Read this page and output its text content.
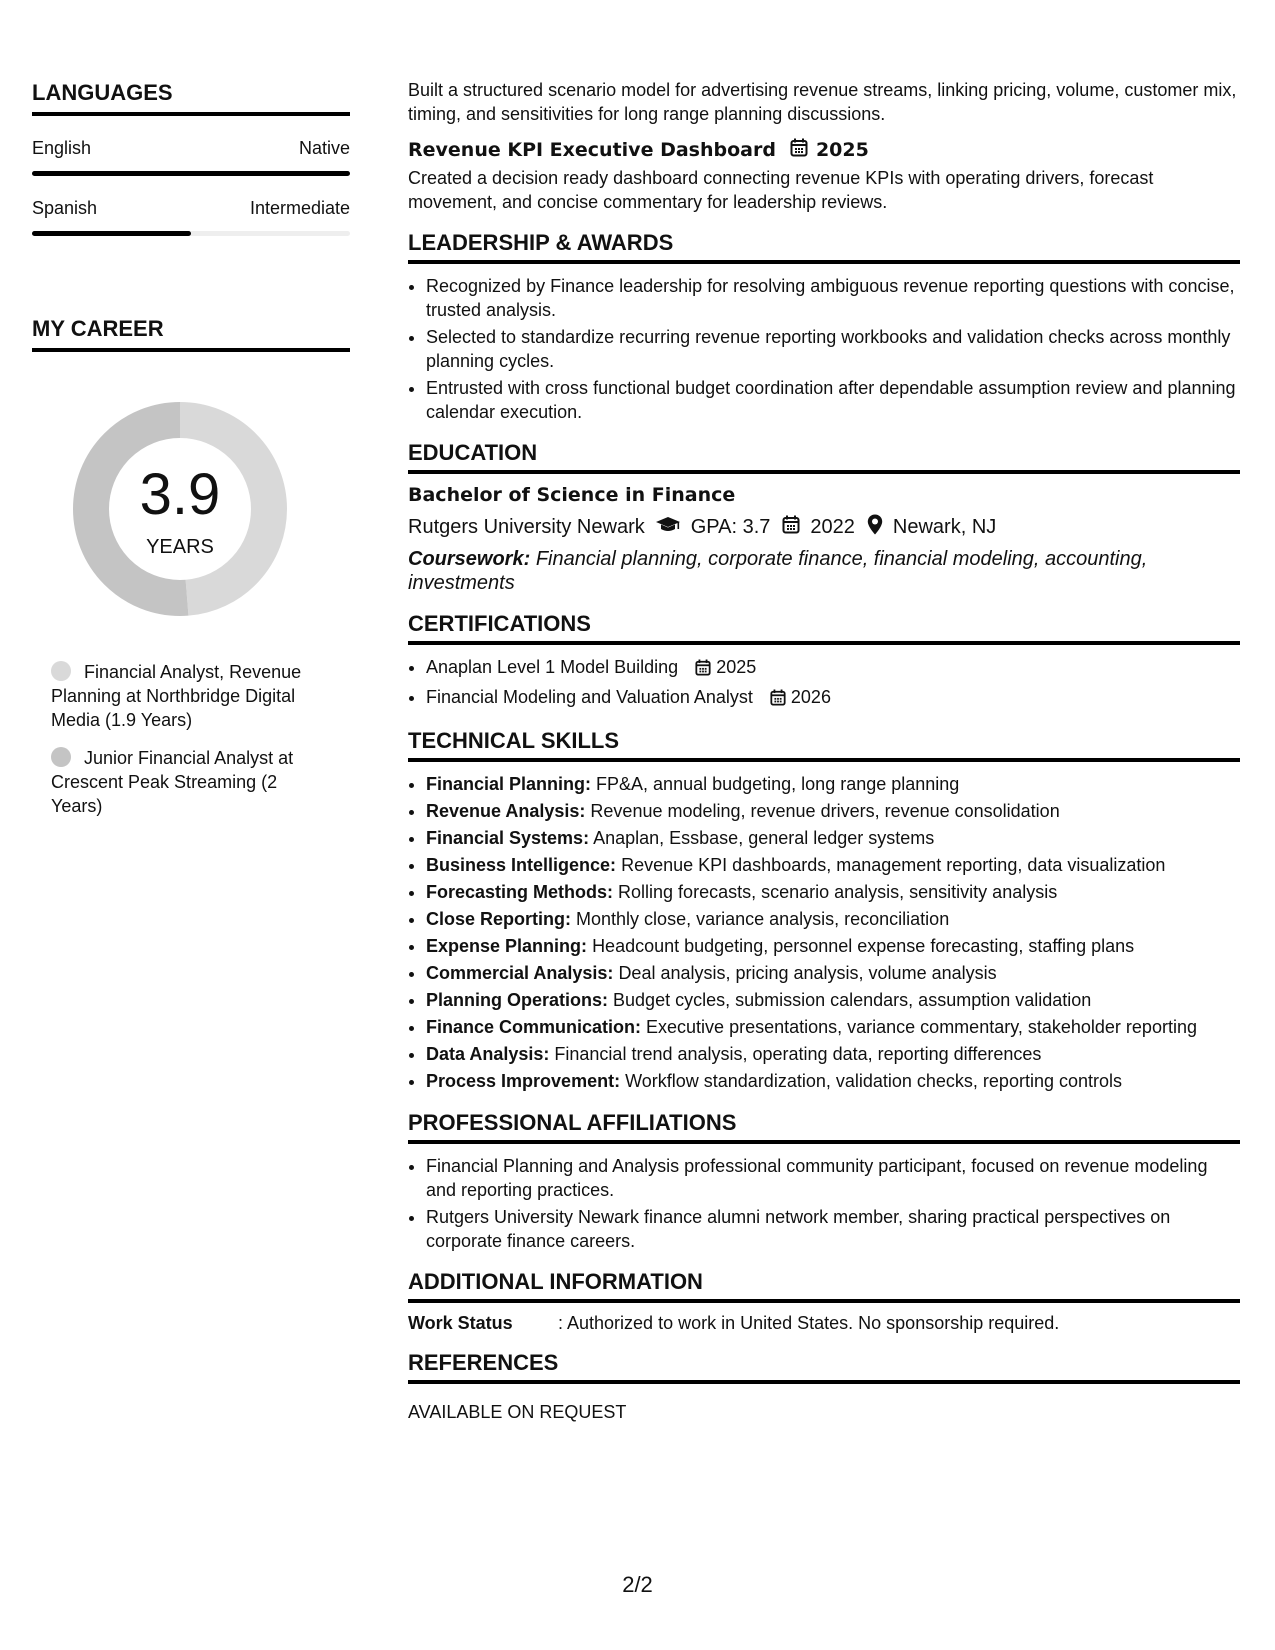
LANGUAGES
English	Native
Spanish	Intermediate
MY CAREER
3.9
YEARS
Financial Analyst, Revenue Planning at Northbridge Digital Media (1.9 Years)
Junior Financial Analyst at Crescent Peak Streaming (2 Years)

Built a structured scenario model for advertising revenue streams, linking pricing, volume, customer mix, timing, and sensitivities for long range planning discussions.

Revenue KPI Executive Dashboard 2025

Created a decision ready dashboard connecting revenue KPIs with operating drivers, forecast movement, and concise commentary for leadership reviews.

LEADERSHIP & AWARDS
• Recognized by Finance leadership for resolving ambiguous revenue reporting questions with concise, trusted analysis.
• Selected to standardize recurring revenue reporting workbooks and validation checks across monthly planning cycles.
• Entrusted with cross functional budget coordination after dependable assumption review and planning calendar execution.
EDUCATION
Bachelor of Science in Finance
Rutgers University Newark GPA: 3.7 2022 Newark, NJ
Coursework: Financial planning, corporate finance, financial modeling, accounting, investments
CERTIFICATIONS
• Anaplan Level 1 Model Building 2025
• Financial Modeling and Valuation Analyst 2026
TECHNICAL SKILLS
• Financial Planning: FP&A, annual budgeting, long range planning
• Revenue Analysis: Revenue modeling, revenue drivers, revenue consolidation
• Financial Systems: Anaplan, Essbase, general ledger systems
• Business Intelligence: Revenue KPI dashboards, management reporting, data visualization
• Forecasting Methods: Rolling forecasts, scenario analysis, sensitivity analysis
• Close Reporting: Monthly close, variance analysis, reconciliation
• Expense Planning: Headcount budgeting, personnel expense forecasting, staffing plans
• Commercial Analysis: Deal analysis, pricing analysis, volume analysis
• Planning Operations: Budget cycles, submission calendars, assumption validation
• Finance Communication: Executive presentations, variance commentary, stakeholder reporting
• Data Analysis: Financial trend analysis, operating data, reporting differences
• Process Improvement: Workflow standardization, validation checks, reporting controls
PROFESSIONAL AFFILIATIONS
• Financial Planning and Analysis professional community participant, focused on revenue modeling and reporting practices.
• Rutgers University Newark finance alumni network member, sharing practical perspectives on corporate finance careers.
ADDITIONAL INFORMATION
Work Status	: Authorized to work in United States. No sponsorship required.
REFERENCES
AVAILABLE ON REQUEST
2/2
